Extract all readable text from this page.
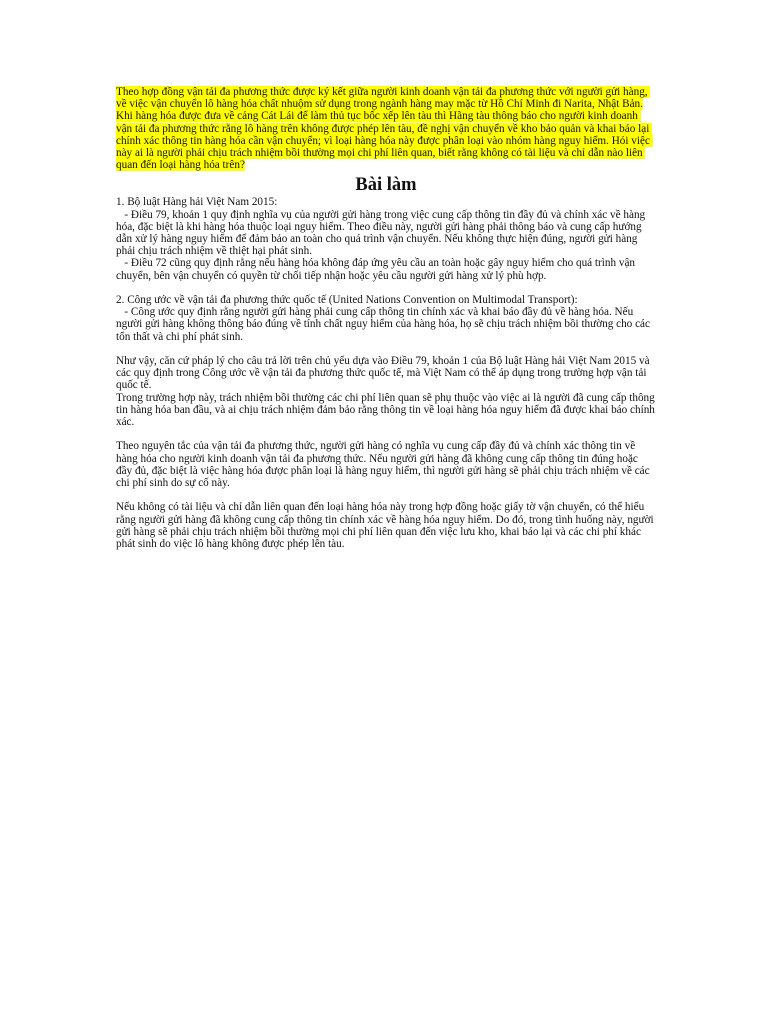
Theo hợp đồng vận tải đa phương thức được ký kết giữa người kinh doanh vận tải đa phương thức với người gửi hàng, về việc vận chuyển lô hàng hóa chất nhuộm sử dụng trong ngành hàng may mặc từ Hồ Chí Minh đi Narita, Nhật Bản.
Khi hàng hóa được đưa về cảng Cát Lái để làm thủ tục bốc xếp lên tàu thì Hãng tàu thông báo cho người kinh doanh vận tải đa phương thức rằng lô hàng trên không được phép lên tàu, đề nghị vận chuyển về kho bảo quản và khai báo lại chính xác thông tin hàng hóa cần vận chuyển; vì loại hàng hóa này được phân loại vào nhóm hàng nguy hiểm. Hỏi việc này ai là người phải chịu trách nhiệm bồi thường mọi chi phí liên quan, biết rằng không có tài liệu và chỉ dẫn nào liên quan đến loại hàng hóa trên?

Bài làm

1. Bộ luật Hàng hải Việt Nam 2015:

- Điều 79, khoản 1 quy định nghĩa vụ của người gửi hàng trong việc cung cấp thông tin đầy đủ và chính xác về hàng hóa, đặc biệt là khi hàng hóa thuộc loại nguy hiểm. Theo điều này, người gửi hàng phải thông báo và cung cấp hướng dẫn xử lý hàng nguy hiểm để đảm bảo an toàn cho quá trình vận chuyển. Nếu không thực hiện đúng, người gửi hàng phải chịu trách nhiệm về thiệt hại phát sinh.

- Điều 72 cũng quy định rằng nếu hàng hóa không đáp ứng yêu cầu an toàn hoặc gây nguy hiểm cho quá trình vận chuyển, bên vận chuyển có quyền từ chối tiếp nhận hoặc yêu cầu người gửi hàng xử lý phù hợp.

2. Công ước về vận tải đa phương thức quốc tế (United Nations Convention on Multimodal Transport):

- Công ước quy định rằng người gửi hàng phải cung cấp thông tin chính xác và khai báo đầy đủ về hàng hóa. Nếu người gửi hàng không thông báo đúng về tính chất nguy hiểm của hàng hóa, họ sẽ chịu trách nhiệm bồi thường cho các tổn thất và chi phí phát sinh.

Như vậy, căn cứ pháp lý cho câu trả lời trên chủ yếu dựa vào Điều 79, khoản 1 của Bộ luật Hàng hải Việt Nam 2015 và các quy định trong Công ước về vận tải đa phương thức quốc tế, mà Việt Nam có thể áp dụng trong trường hợp vận tải quốc tế.

Trong trường hợp này, trách nhiệm bồi thường các chi phí liên quan sẽ phụ thuộc vào việc ai là người đã cung cấp thông tin hàng hóa ban đầu, và ai chịu trách nhiệm đảm bảo rằng thông tin về loại hàng hóa nguy hiểm đã được khai báo chính xác.

Theo nguyên tắc của vận tải đa phương thức, người gửi hàng có nghĩa vụ cung cấp đầy đủ và chính xác thông tin về hàng hóa cho người kinh doanh vận tải đa phương thức. Nếu người gửi hàng đã không cung cấp thông tin đúng hoặc đầy đủ, đặc biệt là việc hàng hóa được phân loại là hàng nguy hiểm, thì người gửi hàng sẽ phải chịu trách nhiệm về các chi phí sinh do sự cố này.

Nếu không có tài liệu và chỉ dẫn liên quan đến loại hàng hóa này trong hợp đồng hoặc giấy tờ vận chuyển, có thể hiểu rằng người gửi hàng đã không cung cấp thông tin chính xác về hàng hóa nguy hiểm. Do đó, trong tình huống này, người gửi hàng sẽ phải chịu trách nhiệm bồi thường mọi chi phí liên quan đến việc lưu kho, khai báo lại và các chi phí khác phát sinh do việc lô hàng không được phép lên tàu.
